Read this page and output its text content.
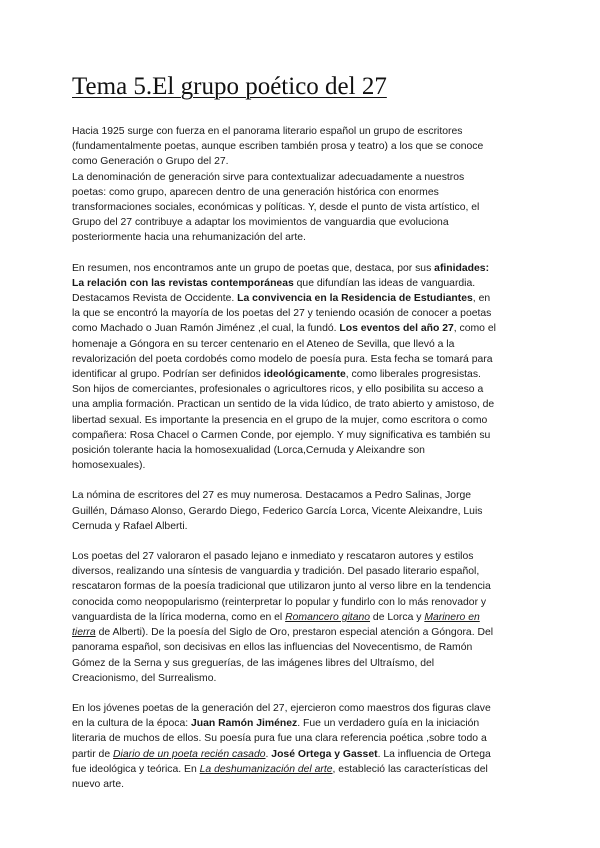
Tema 5.El grupo poético del 27

Hacia 1925 surge con fuerza en el panorama literario español un grupo de escritores
(fundamentalmente poetas, aunque escriben también prosa y teatro) a los que se conoce
como Generación o Grupo del 27.
La denominación de generación sirve para contextualizar adecuadamente a nuestros
poetas: como grupo, aparecen dentro de una generación histórica con enormes
transformaciones sociales, económicas y políticas. Y, desde el punto de vista artístico, el
Grupo del 27 contribuye a adaptar los movimientos de vanguardia que evoluciona
posteriormente hacia una rehumanización del arte.

En resumen, nos encontramos ante un grupo de poetas que, destaca, por sus afinidades:
La relación con las revistas contemporáneas que difundían las ideas de vanguardia.
Destacamos Revista de Occidente. La convivencia en la Residencia de Estudiantes, en
la que se encontró la mayoría de los poetas del 27 y teniendo ocasión de conocer a poetas
como Machado o Juan Ramón Jiménez ,el cual, la fundó. Los eventos del año 27, como el
homenaje a Góngora en su tercer centenario en el Ateneo de Sevilla, que llevó a la
revalorización del poeta cordobés como modelo de poesía pura. Esta fecha se tomará para
identificar al grupo. Podrían ser definidos ideológicamente, como liberales progresistas.
Son hijos de comerciantes, profesionales o agricultores ricos, y ello posibilita su acceso a
una amplia formación. Practican un sentido de la vida lúdico, de trato abierto y amistoso, de
libertad sexual. Es importante la presencia en el grupo de la mujer, como escritora o como
compañera: Rosa Chacel o Carmen Conde, por ejemplo. Y muy significativa es también su
posición tolerante hacia la homosexualidad (Lorca,Cernuda y Aleixandre son
homosexuales).

La nómina de escritores del 27 es muy numerosa. Destacamos a Pedro Salinas, Jorge
Guillén, Dámaso Alonso, Gerardo Diego, Federico García Lorca, Vicente Aleixandre, Luis
Cernuda y Rafael Alberti.

Los poetas del 27 valoraron el pasado lejano e inmediato y rescataron autores y estilos
diversos, realizando una síntesis de vanguardia y tradición. Del pasado literario español,
rescataron formas de la poesía tradicional que utilizaron junto al verso libre en la tendencia
conocida como neopopularismo (reinterpretar lo popular y fundirlo con lo más renovador y
vanguardista de la lírica moderna, como en el Romancero gitano de Lorca y Marinero en
tierra de Alberti). De la poesía del Siglo de Oro, prestaron especial atención a Góngora. Del
panorama español, son decisivas en ellos las influencias del Novecentismo, de Ramón
Gómez de la Serna y sus greguerías, de las imágenes libres del Ultraísmo, del
Creacionismo, del Surrealismo.

En los jóvenes poetas de la generación del 27, ejercieron como maestros dos figuras clave
en la cultura de la época: Juan Ramón Jiménez. Fue un verdadero guía en la iniciación
literaria de muchos de ellos. Su poesía pura fue una clara referencia poética ,sobre todo a
partir de Diario de un poeta recién casado. José Ortega y Gasset. La influencia de Ortega
fue ideológica y teórica. En La deshumanización del arte, estableció las características del
nuevo arte.
